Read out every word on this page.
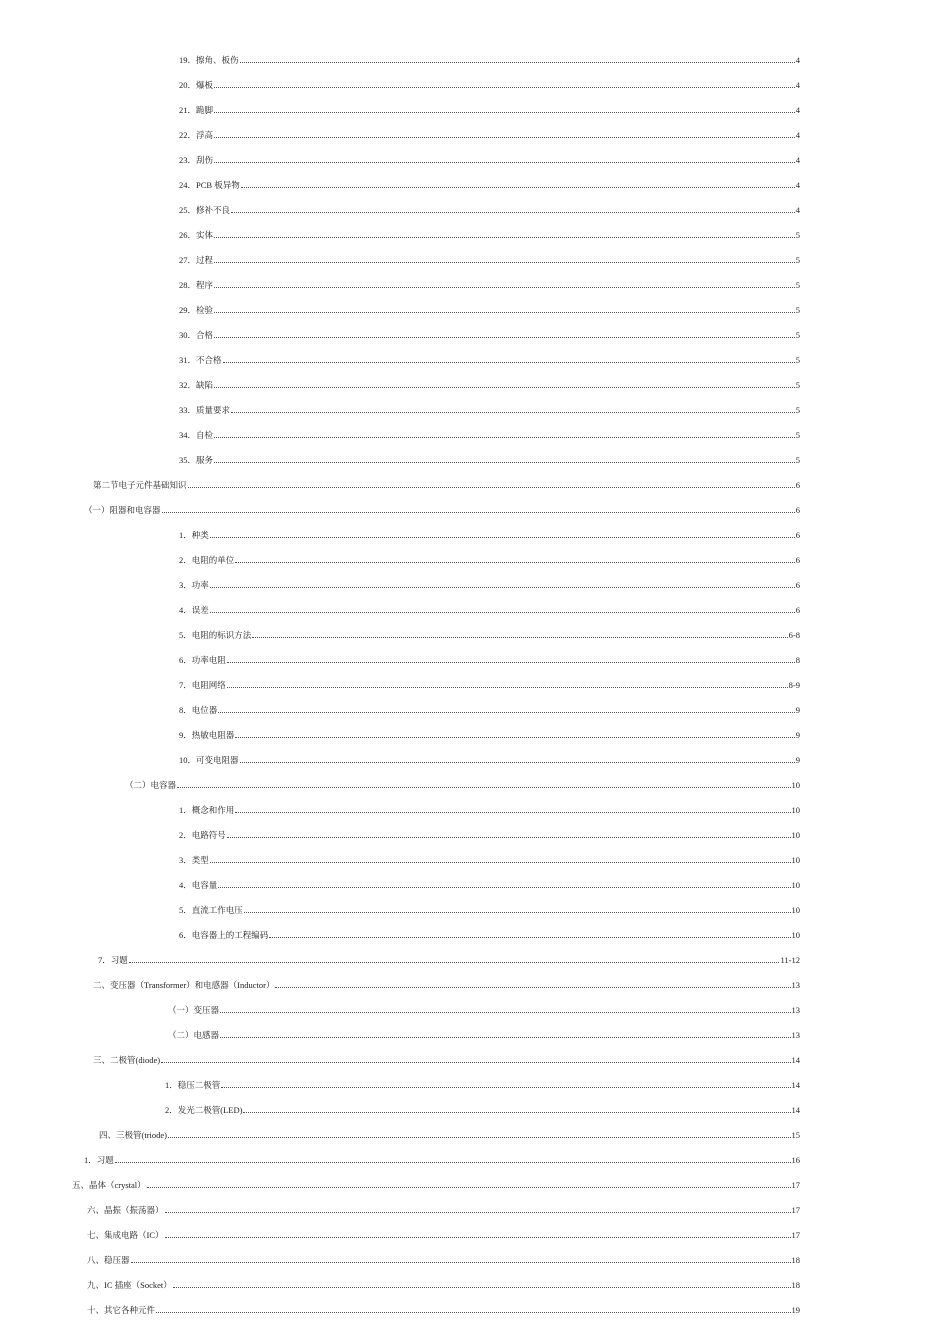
19．擦角、板伤	4
20．爆板	4
21．跪脚	4
22．浮高	4
23．刮伤	4
24．PCB 板异物	4
25．修补不良	4
26．实体	5
27．过程	5
28．程序	5
29．检验	5
30．合格	5
31．不合格	5
32．缺陷	5
33．质量要求	5
34．自检	5
35．服务	5
第二节电子元件基础知识	6
（一）阻器和电容器	6
1．种类	6
2．电阻的单位	6
3．功率	6
4．误差	6
5．电阻的标识方法	6-8
6．功率电阻	8
7．电阻网络	8-9
8．电位器	9
9．热敏电阻器	9
10．可变电阻器	9
（二）电容器	10
1．概念和作用	10
2．电路符号	10
3．类型	10
4．电容量	10
5．直流工作电压	10
6．电容器上的工程编码	10
7．习题	11-12
二、变压器（Transformer）和电感器（Inductor）	13
（一）变压器	13
（二）电感器	13
三、二极管(diode)	14
1．稳压二极管	14
2．发光二极管(LED)	14
四、三极管(triode)	15
1．习题	16
五、晶体（crystal）	17
六、晶振（振荡器）	17
七、集成电路（IC）	17
八、稳压器	18
九、IC 插座（Socket）	18
十、其它各种元件	19
